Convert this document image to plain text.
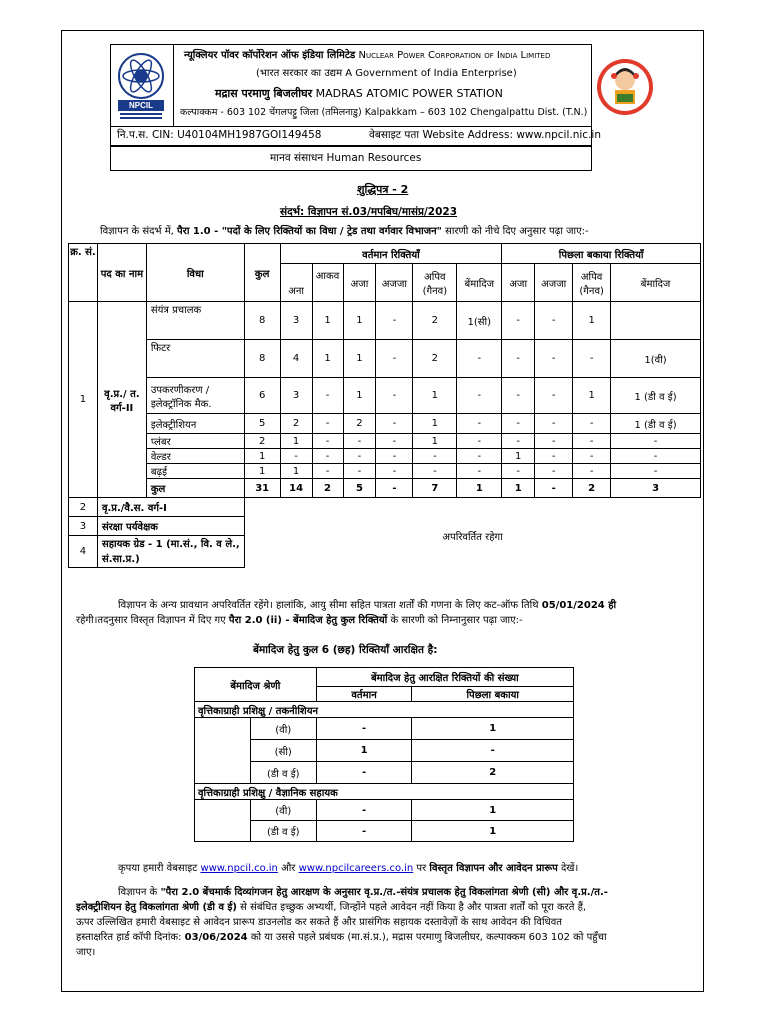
NPCIL
न्यूक्लियर पॉवर कॉर्पोरेशन ऑफ इंडिया लिमिटेड Nuclear Power Corporation of India Limited
(भारत सरकार का उद्यम A Government of India Enterprise)
मद्रास परमाणु बिजलीघर MADRAS ATOMIC POWER STATION
कल्पाक्कम - 603 102 चेंगलपट्टु जिला (तमिलनाडु) Kalpakkam – 603 102 Chengalpattu Dist. (T.N.)
नि.प.स. CIN: U40104MH1987GOI149458	वेबसाइट पता Website Address: www.npcil.nic.in
मानव संसाधन Human Resources
शुद्धिपत्र - 2
संदर्भ: विज्ञापन सं.03/मपबिघ/मासंप्र/2023
विज्ञापन के संदर्भ में, पैरा 1.0 - "पदों के लिए रिक्तियों का विधा / ट्रेड तथा वर्गवार विभाजन" सारणी को नीचे दिए अनुसार पढ़ा जाए:-
क्र. सं.	पद का नाम	विधा	कुल	वर्तमान रिक्तियाँ						पिछला बकाया रिक्तियाँ			
				अना	आकव	अजा	अजजा	अपिव (गैनव)	बेंमादिज	अजा	अजजा	अपिव (गैनव)	बेंमादिज
1	वृ.प्र./ त. वर्ग-II	संयंत्र प्रचालक	8	3	1	1	-	2	1(सी)	-	-	1	
		फिटर	8	4	1	1	-	2	-	-	-	-	1(वी)
		उपकरणीकरण / इलेक्ट्रॉनिक मैक.	6	3	-	1	-	1	-	-	-	1	1 (डी व ई)
		इलेक्ट्रीशियन	5	2	-	2	-	1	-	-	-	-	1 (डी व ई)
		प्लंबर	2	1	-	-	-	1	-	-	-	-	-
		वेल्डर	1	-	-	-	-	-	-	1	-	-	-
		बढ़ई	1	1	-	-	-	-	-	-	-	-	-
		कुल	31	14	2	5	-	7	1	1	-	2	3
2	वृ.प्र./वै.स. वर्ग-I		अपरिवर्तित रहेगा										
3	संरक्षा पर्यवेक्षक												
4	सहायक ग्रेड - 1 (मा.सं., वि. व ले., सं.सा.प्र.)												
विज्ञापन के अन्य प्रावधान अपरिवर्तित रहेंगे। हालांकि, आयु सीमा सहित पात्रता शर्तों की गणना के लिए कट-ऑफ तिथि 05/01/2024 ही
रहेगी।तदनुसार विस्तृत विज्ञापन में दिए गए पैरा 2.0 (ii) - बेंमादिज हेतु कुल रिक्तियों के सारणी को निम्नानुसार पढ़ा जाए:-
बेंमादिज हेतु कुल 6 (छह) रिक्तियाँ आरक्षित है:
बेंमादिज श्रेणी		बेंमादिज हेतु आरक्षित रिक्तियों की संख्या	
		वर्तमान	पिछला बकाया
वृत्तिकाग्राही प्रशिक्षु / तकनीशियन			
	(वी)	-	1
	(सी)	1	-
	(डी व ई)	-	2
वृत्तिकाग्राही प्रशिक्षु / वैज्ञानिक सहायक			
	(वी)	-	1
	(डी व ई)	-	1
कृपया हमारी वेबसाइट www.npcil.co.in और www.npcilcareers.co.in पर विस्तृत विज्ञापन और आवेदन प्रारूप देखें।
विज्ञापन के "पैरा 2.0 बेंचमार्क दिव्यांगजन हेतु आरक्षण के अनुसार वृ.प्र./त.-संयंत्र प्रचालक हेतु विकलांगता श्रेणी (सी) और वृ.प्र./त.-
इलेक्ट्रीशियन हेतु विकलांगता श्रेणी (डी व ई) से संबंधित इच्छुक अभ्यर्थी, जिन्होंने पहले आवेदन नहीं किया है और पात्रता शर्तों को पूरा करते हैं,
ऊपर उल्लिखित हमारी वेबसाइट से आवेदन प्रारूप डाउनलोड कर सकते हैं और प्रासंगिक सहायक दस्तावेज़ों के साथ आवेदन की विधिवत
हस्ताक्षरित हार्ड कॉपी दिनांक: 03/06/2024 को या उससे पहले प्रबंधक (मा.सं.प्र.), मद्रास परमाणु बिजलीघर, कल्पाक्कम 603 102 को पहुँचा
जाए।
